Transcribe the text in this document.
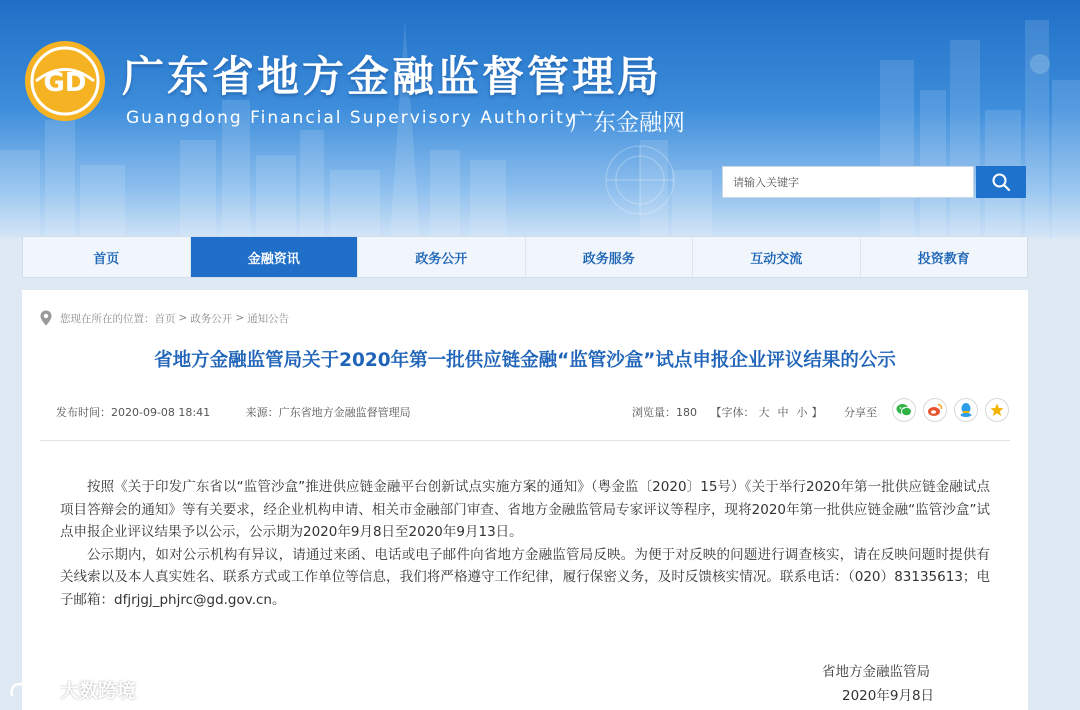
GD 广东省地方金融监督管理局
Guangdong Financial Supervisory Authority
广东金融网
请输入关键字
首页	金融资讯	政务公开	政务服务	互动交流	投资教育
您现在所在的位置： 首页 > 政务公开 > 通知公告
省地方金融监管局关于2020年第一批供应链金融“监管沙盒”试点申报企业评议结果的公示
发布时间：2020-09-08 18:41	来源：广东省地方金融监督管理局	浏览量：180 【字体： 大 中 小 】 分享至

按照《关于印发广东省以“监管沙盒”推进供应链金融平台创新试点实施方案的通知》（粤金监〔2020〕15号）《关于举行2020年第一批供应链金融试点项目答辩会的通知》等有关要求，经企业机构申请、相关市金融部门审查、省地方金融监管局专家评议等程序，现将2020年第一批供应链金融“监管沙盒”试点申报企业评议结果予以公示，公示期为2020年9月8日至2020年9月13日。

公示期内，如对公示机构有异议，请通过来函、电话或电子邮件向省地方金融监管局反映。为便于对反映的问题进行调查核实，请在反映问题时提供有关线索以及本人真实姓名、联系方式或工作单位等信息，我们将严格遵守工作纪律，履行保密义务，及时反馈核实情况。联系电话：（020）83135613；电子邮箱：dfjrjgj_phjrc@gd.gov.cn。

省地方金融监管局
2020年9月8日
大数跨境
